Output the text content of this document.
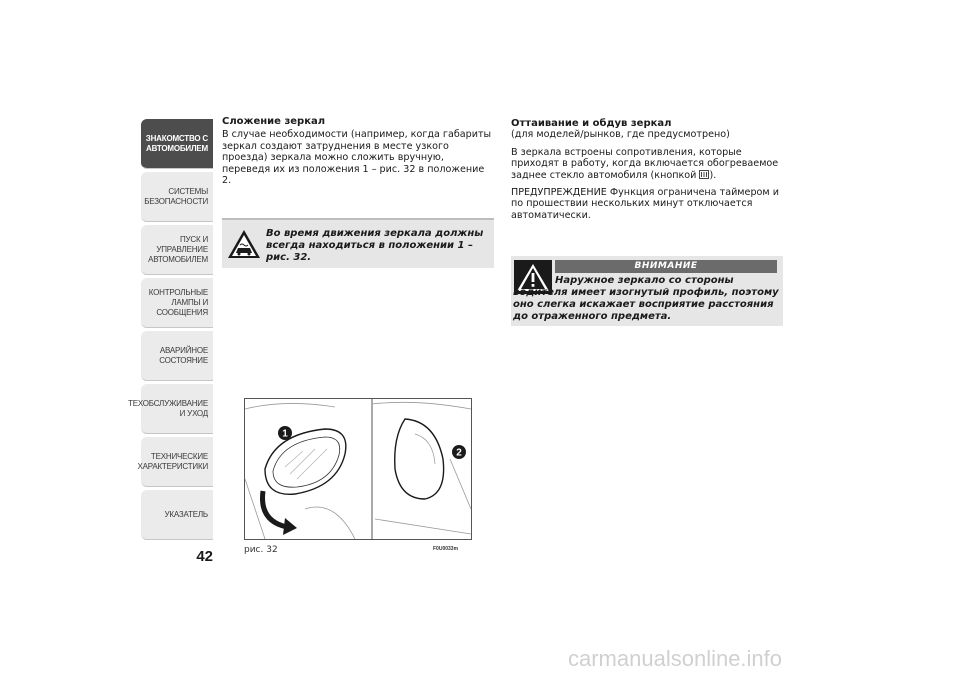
ЗНАКОМСТВО С
АВТОМОБИЛЕМ
СИСТЕМЫ
БЕЗОПАСНОСТИ
ПУСК И УПРАВЛЕНИЕ
АВТОМОБИЛЕМ
КОНТРОЛЬНЫЕ
ЛАМПЫ И
СООБЩЕНИЯ
АВАРИЙНОЕ
СОСТОЯНИЕ
ТЕХОБСЛУЖИВАНИЕ
И УХОД
ТЕХНИЧЕСКИЕ
ХАРАКТЕРИСТИКИ
УКАЗАТЕЛЬ
42

Сложение зеркал

В случае необходимости (например, когда габариты зеркал создают затруднения в месте узкого проезда) зеркала можно сложить вручную, переведя их из положения 1 – рис. 32 в положение 2.

Во время движения зеркала должны всегда находиться в положении 1 – рис. 32.

Оттаивание и обдув зеркал

(для моделей/рынков, где предусмотрено)

В зеркала встроены сопротивления, которые приходят в работу, когда включается обогреваемое заднее стекло автомобиля (кнопкой ).

ПРЕДУПРЕЖДЕНИЕ Функция ограничена таймером и по прошествии нескольких минут отключается автоматически.

ВНИМАНИЕ
Наружное зеркало со стороны водителя имеет изогнутый профиль, поэтому оно слегка искажает восприятие расстояния до отраженного предмета.
1
2
рис. 32	F0U0033m
carmanualsonline.info
